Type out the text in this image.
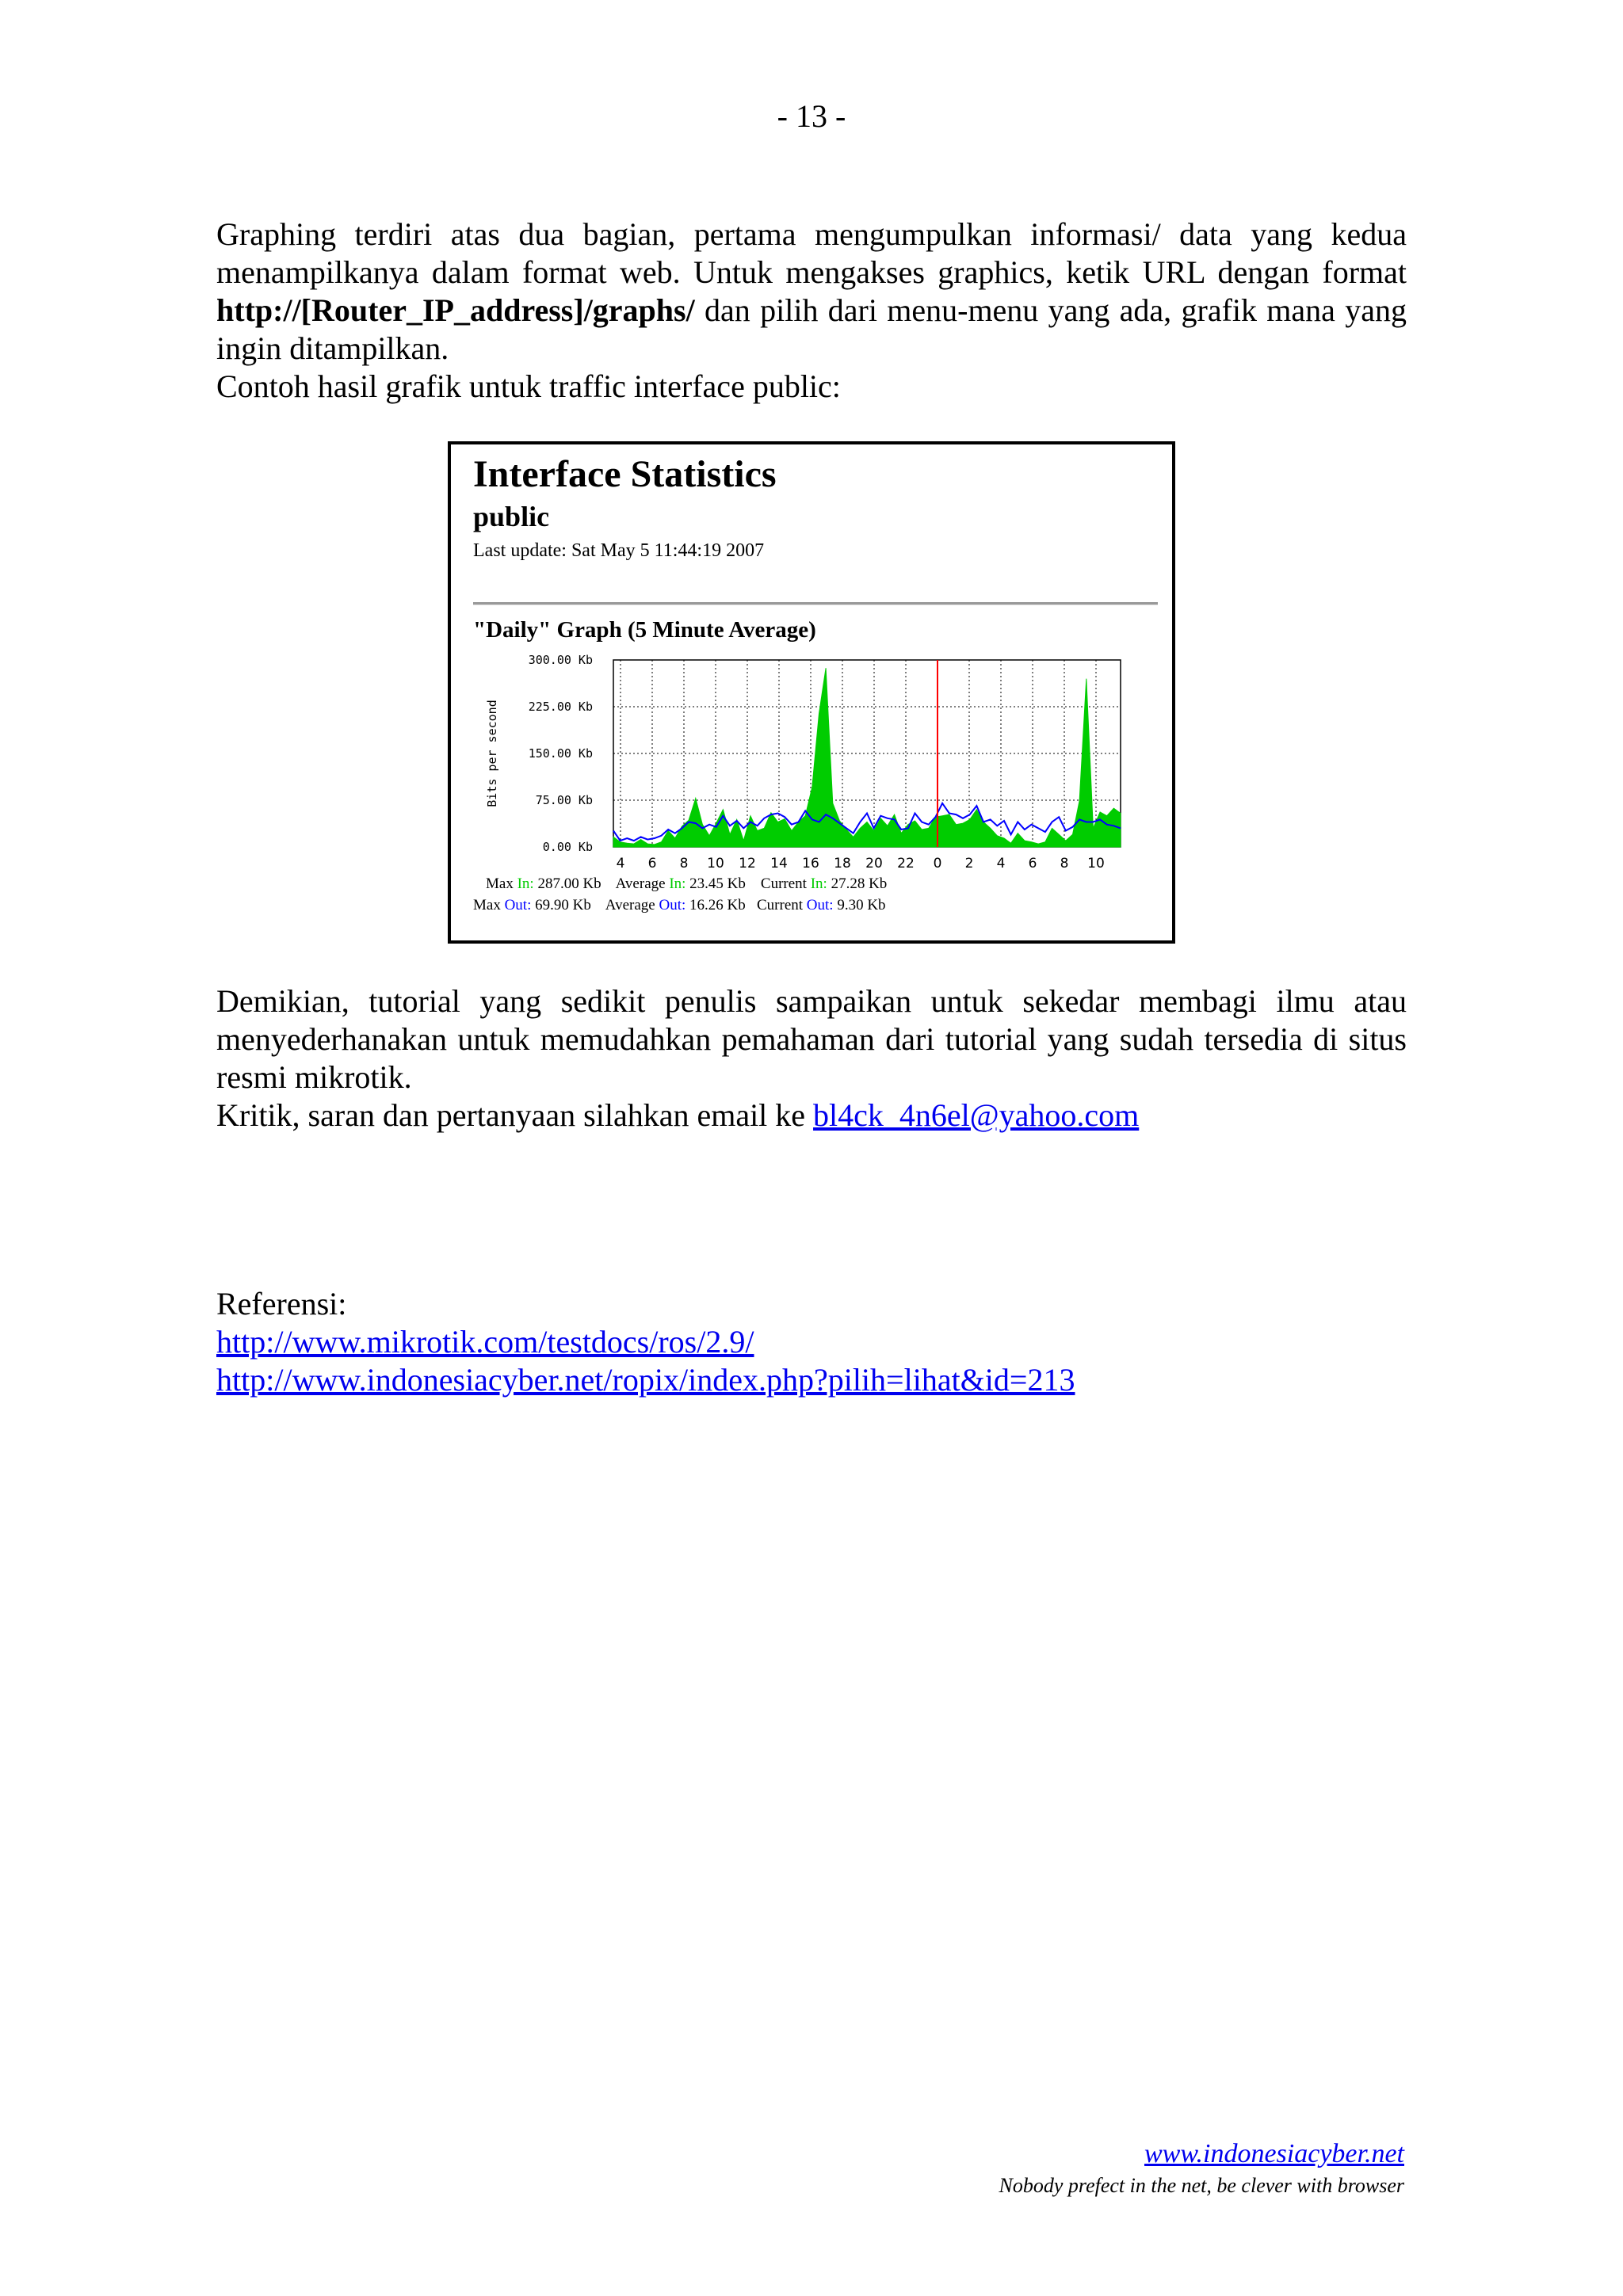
- 13 -
Graphing terdiri atas dua bagian, pertama mengumpulkan informasi/ data yang kedua menampilkanya dalam format web. Untuk mengakses graphics, ketik URL dengan format http://[Router_IP_address]/graphs/ dan pilih dari menu-menu yang ada, grafik mana yang ingin ditampilkan.
Contoh hasil grafik untuk traffic interface public:
Interface Statistics
public
Last update: Sat May 5 11:44:19 2007
"Daily" Graph (5 Minute Average)
300.00 Kb
225.00 Kb
150.00 Kb
75.00 Kb
0.00 Kb
4 6 8 10 12 14 16 18 20 22 0 2 4 6 8 10
Bits per second
Max In: 287.00 Kb Average In: 23.45 Kb Current In: 27.28 Kb
Max Out: 69.90 Kb Average Out: 16.26 Kb Current Out: 9.30 Kb
Demikian, tutorial yang sedikit penulis sampaikan untuk sekedar membagi ilmu atau menyederhanakan untuk memudahkan pemahaman dari tutorial yang sudah tersedia di situs resmi mikrotik.
Kritik, saran dan pertanyaan silahkan email ke bl4ck_4n6el@yahoo.com
Referensi:
http://www.mikrotik.com/testdocs/ros/2.9/
http://www.indonesiacyber.net/ropix/index.php?pilih=lihat&id=213
www.indonesiacyber.net
Nobody prefect in the net, be clever with browser
